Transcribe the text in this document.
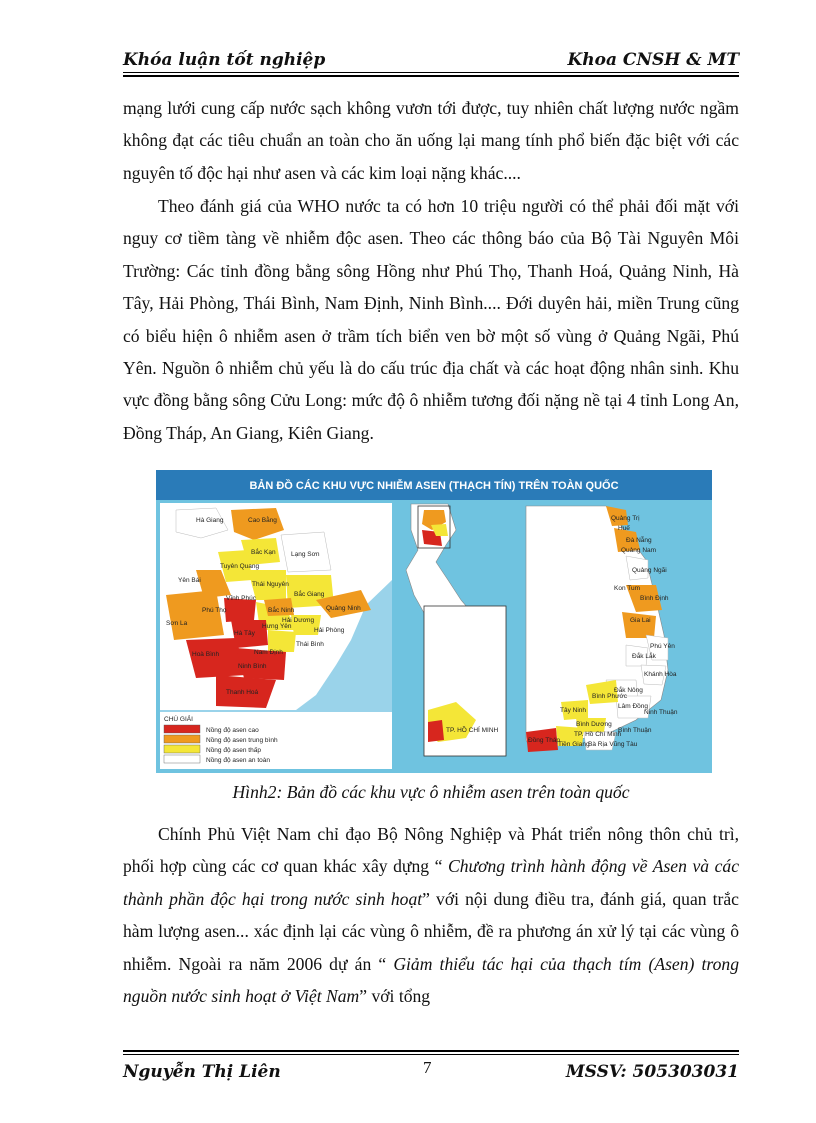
Khóa luận tốt nghiệp	Khoa CNSH & MT

mạng lưới cung cấp nước sạch không vươn tới được, tuy nhiên chất lượng nước ngầm không đạt các tiêu chuẩn an toàn cho ăn uống lại mang tính phổ biến đặc biệt với các nguyên tố độc hại như asen và các kim loại nặng khác....

Theo đánh giá của WHO nước ta có hơn 10 triệu người có thể phải đối mặt với nguy cơ tiềm tàng về nhiễm độc asen. Theo các thông báo của Bộ Tài Nguyên Môi Trường: Các tỉnh đồng bằng sông Hồng như Phú Thọ, Thanh Hoá, Quảng Ninh, Hà Tây, Hải Phòng, Thái Bình, Nam Định, Ninh Bình.... Đới duyên hải, miền Trung cũng có biểu hiện ô nhiễm asen ở trầm tích biển ven bờ một số vùng ở Quảng Ngãi, Phú Yên. Nguồn ô nhiễm chủ yếu là do cấu trúc địa chất và các hoạt động nhân sinh. Khu vực đồng bằng sông Cửu Long: mức độ ô nhiễm tương đối nặng nề tại 4 tỉnh Long An, Đồng Tháp, An Giang, Kiên Giang.

BẢN ĐỒ CÁC KHU VỰC NHIỄM ASEN (THẠCH TÍN) TRÊN TOÀN QUỐC
Hà Giang	Cao Bằng
Bắc Kạn
Tuyên Quang
Lạng Sơn
Yên Bái
Thái Nguyên
Vĩnh Phúc
Phú Thọ
Bắc Giang
Bắc Ninh	Quảng Ninh
Sơn La
Hà Tây
Hải Dương
Hải Phòng
Hưng Yên
Hoà Bình
Thái Bình
Nam Định
Ninh Bình
Thanh Hoá
CHÚ GIẢI
Nồng độ asen cao
Nồng độ asen trung bình
Nồng độ asen thấp
Nồng độ asen an toàn
TP. HỒ CHÍ MINH
Quảng Trị
Huế
Đà Nẵng
Quảng Nam
Quảng Ngãi
Kon Tum
Bình Định
Gia Lai
Phú Yên
Đắk Lắk
Khánh Hòa
Đắk Nông
Lâm Đồng
Ninh Thuận
Bình Phước
Tây Ninh
Bình Dương
TP. Hồ Chí Minh
Bình Thuận
Đồng Tháp
Tiền Giang
Bà Rịa Vũng Tàu
Hình2: Bản đồ các khu vực ô nhiễm asen trên toàn quốc

Chính Phủ Việt Nam chỉ đạo Bộ Nông Nghiệp và Phát triển nông thôn chủ trì, phối hợp cùng các cơ quan khác xây dựng “ Chương trình hành động về Asen và các thành phần độc hại trong nước sinh hoạt” với nội dung điều tra, đánh giá, quan trắc hàm lượng asen... xác định lại các vùng ô nhiễm, đề ra phương án xử lý tại các vùng ô nhiễm. Ngoài ra năm 2006 dự án “ Giảm thiểu tác hại của thạch tím (Asen) trong nguồn nước sinh hoạt ở Việt Nam” với tổng

Nguyễn Thị Liên	7	MSSV: 505303031
